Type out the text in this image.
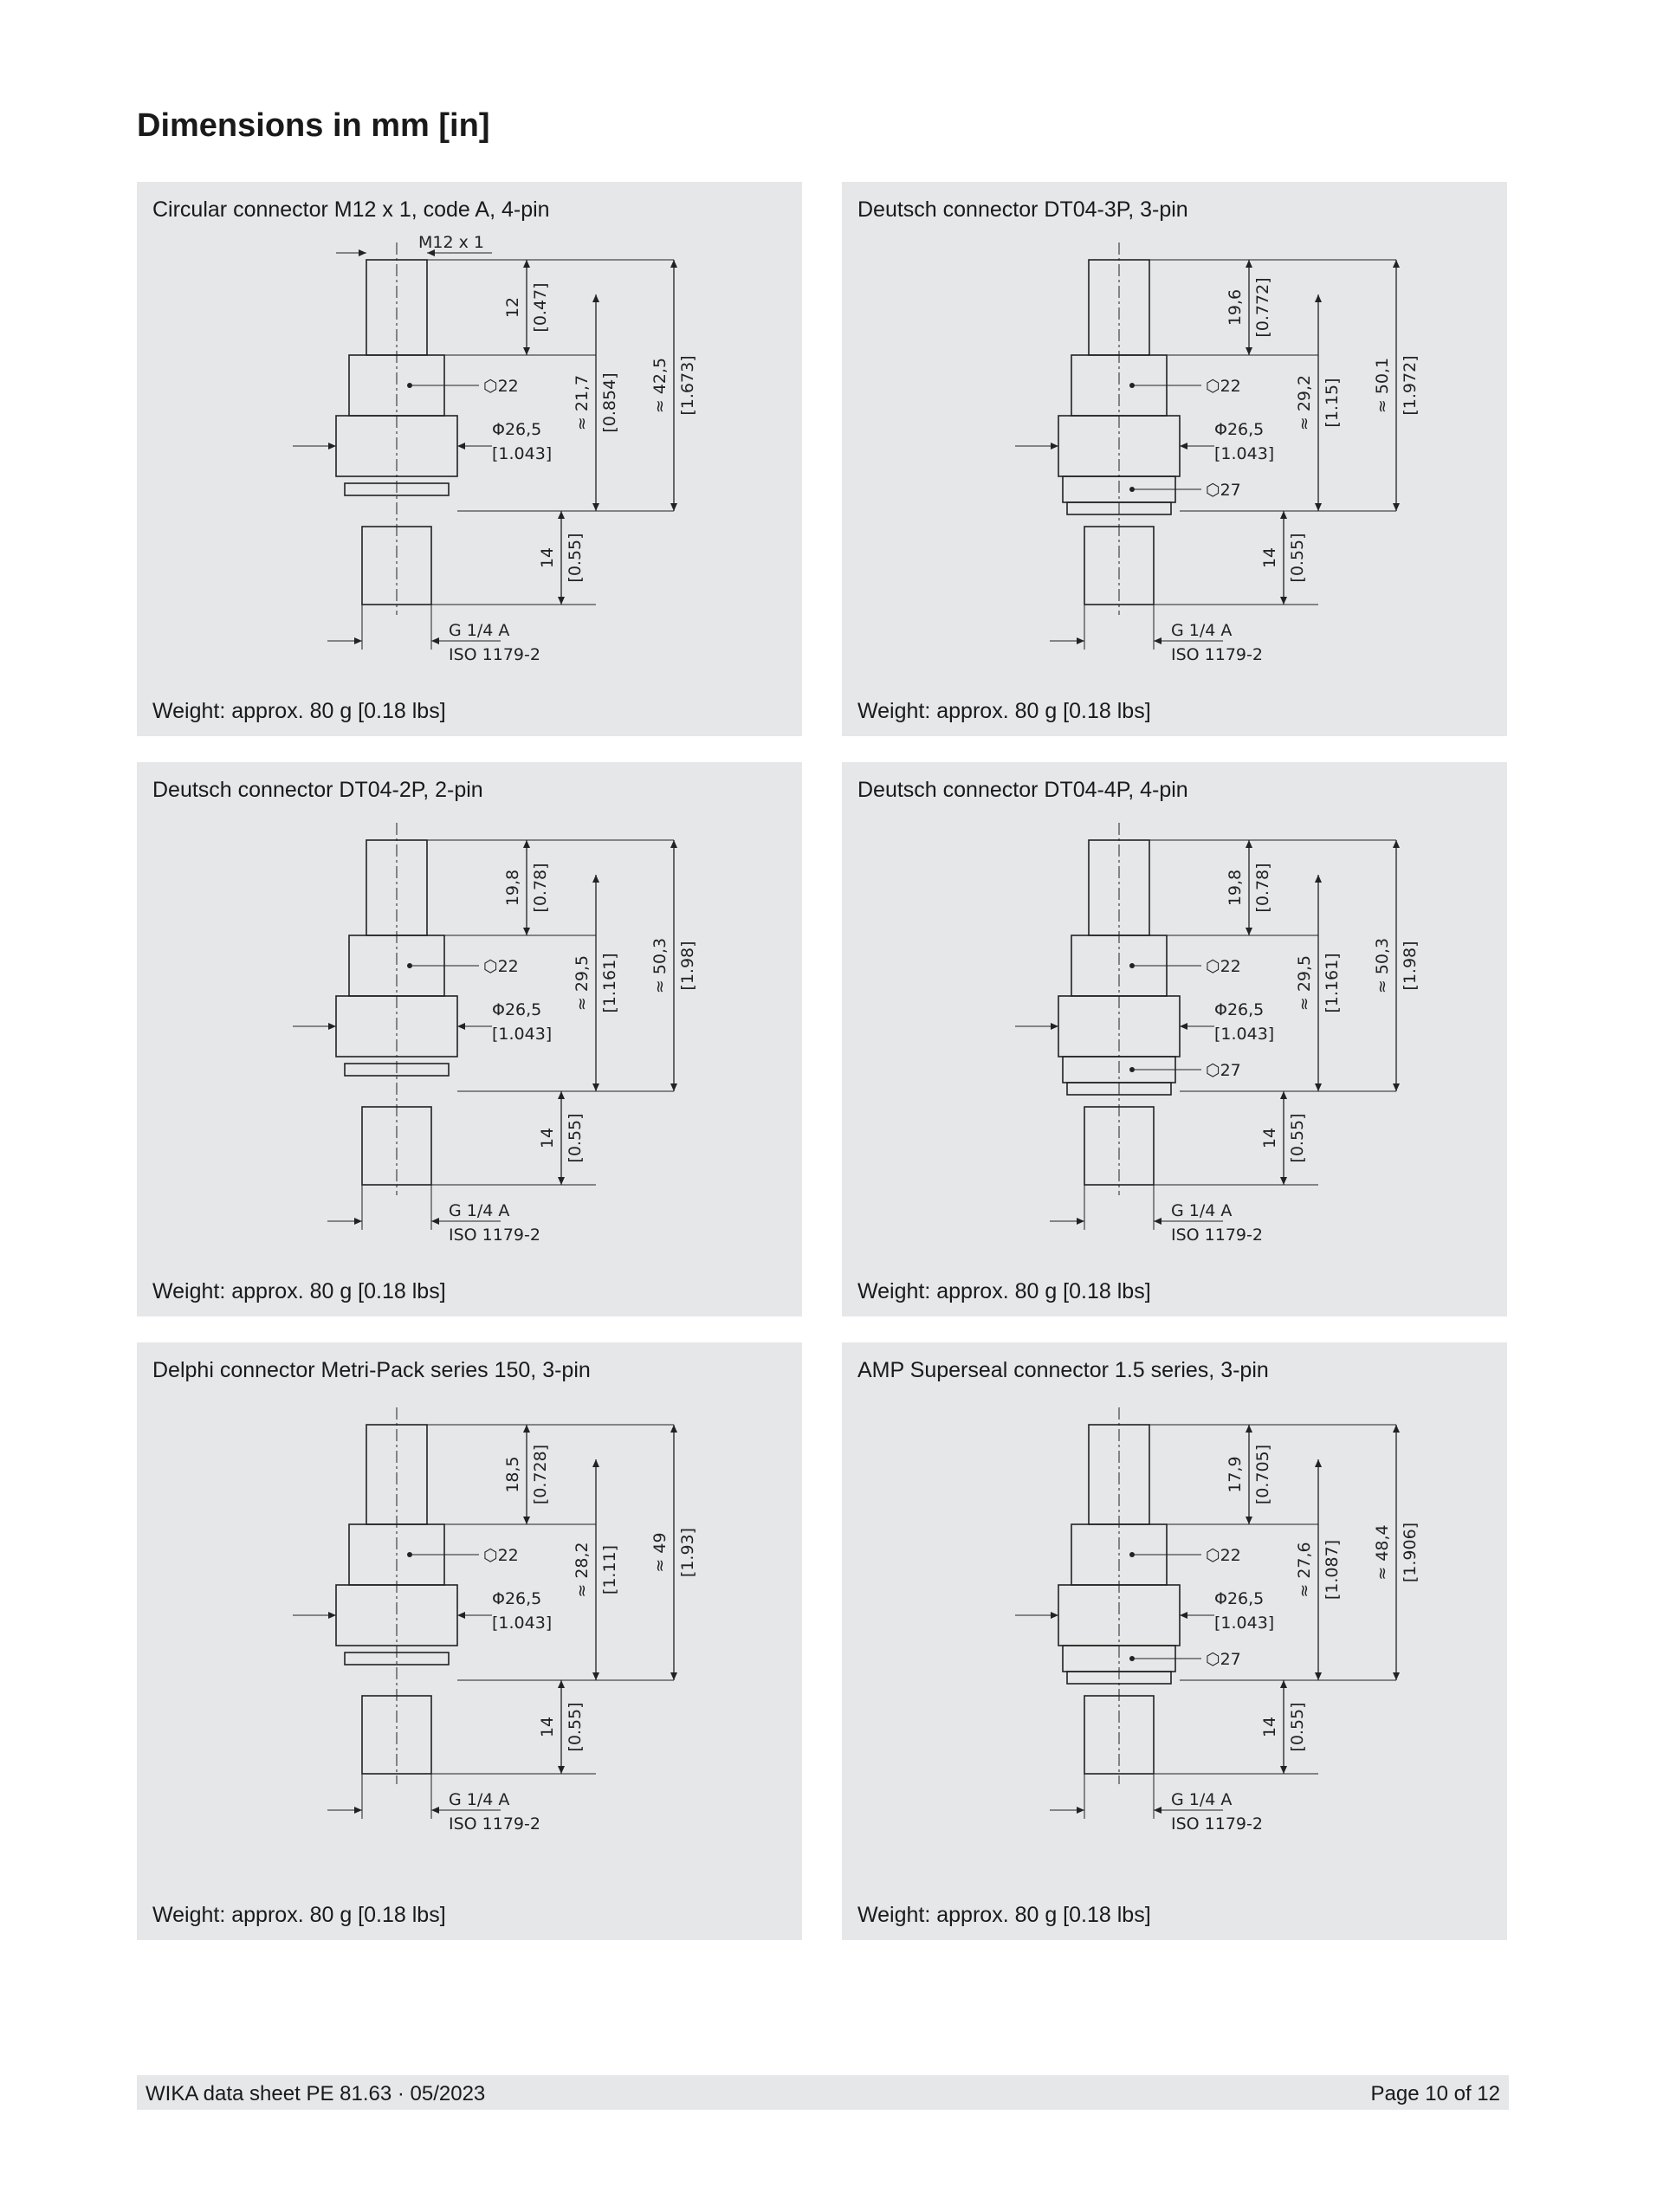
Dimensions in mm [in]
Circular connector M12 x 1, code A, 4-pin
Weight: approx. 80 g [0.18 lbs]
12 [0.47]
≈ 21,7 [0.854] ≈ 42,5 [1.673]
14 [0.55]
⬡22
Φ26,5
[1.043]
M12 x 1
G 1/4 A
ISO 1179-2
Deutsch connector DT04-3P, 3-pin
Weight: approx. 80 g [0.18 lbs]
19,6 [0.772]
≈ 29,2 [1.15] ≈ 50,1 [1.972]
14 [0.55]
⬡22
Φ26,5
[1.043]
⬡27
G 1/4 A
ISO 1179-2
Deutsch connector DT04-2P, 2-pin
Weight: approx. 80 g [0.18 lbs]
19,8 [0.78]
≈ 29,5 [1.161] ≈ 50,3 [1.98]
14 [0.55]
⬡22
Φ26,5
[1.043]
G 1/4 A
ISO 1179-2
Deutsch connector DT04-4P, 4-pin
Weight: approx. 80 g [0.18 lbs]
19,8 [0.78]
≈ 29,5 [1.161] ≈ 50,3 [1.98]
14 [0.55]
⬡22
Φ26,5
[1.043]
⬡27
G 1/4 A
ISO 1179-2
Delphi connector Metri-Pack series 150, 3-pin
Weight: approx. 80 g [0.18 lbs]
18,5 [0.728]
≈ 28,2 [1.11] ≈ 49 [1.93]
14 [0.55]
⬡22
Φ26,5
[1.043]
G 1/4 A
ISO 1179-2
AMP Superseal connector 1.5 series, 3-pin
Weight: approx. 80 g [0.18 lbs]
17,9 [0.705]
≈ 27,6 [1.087] ≈ 48,4 [1.906]
14 [0.55]
⬡22
Φ26,5
[1.043]
⬡27
G 1/4 A
ISO 1179-2
WIKA data sheet PE 81.63 · 05/2023	Page 10 of 12
